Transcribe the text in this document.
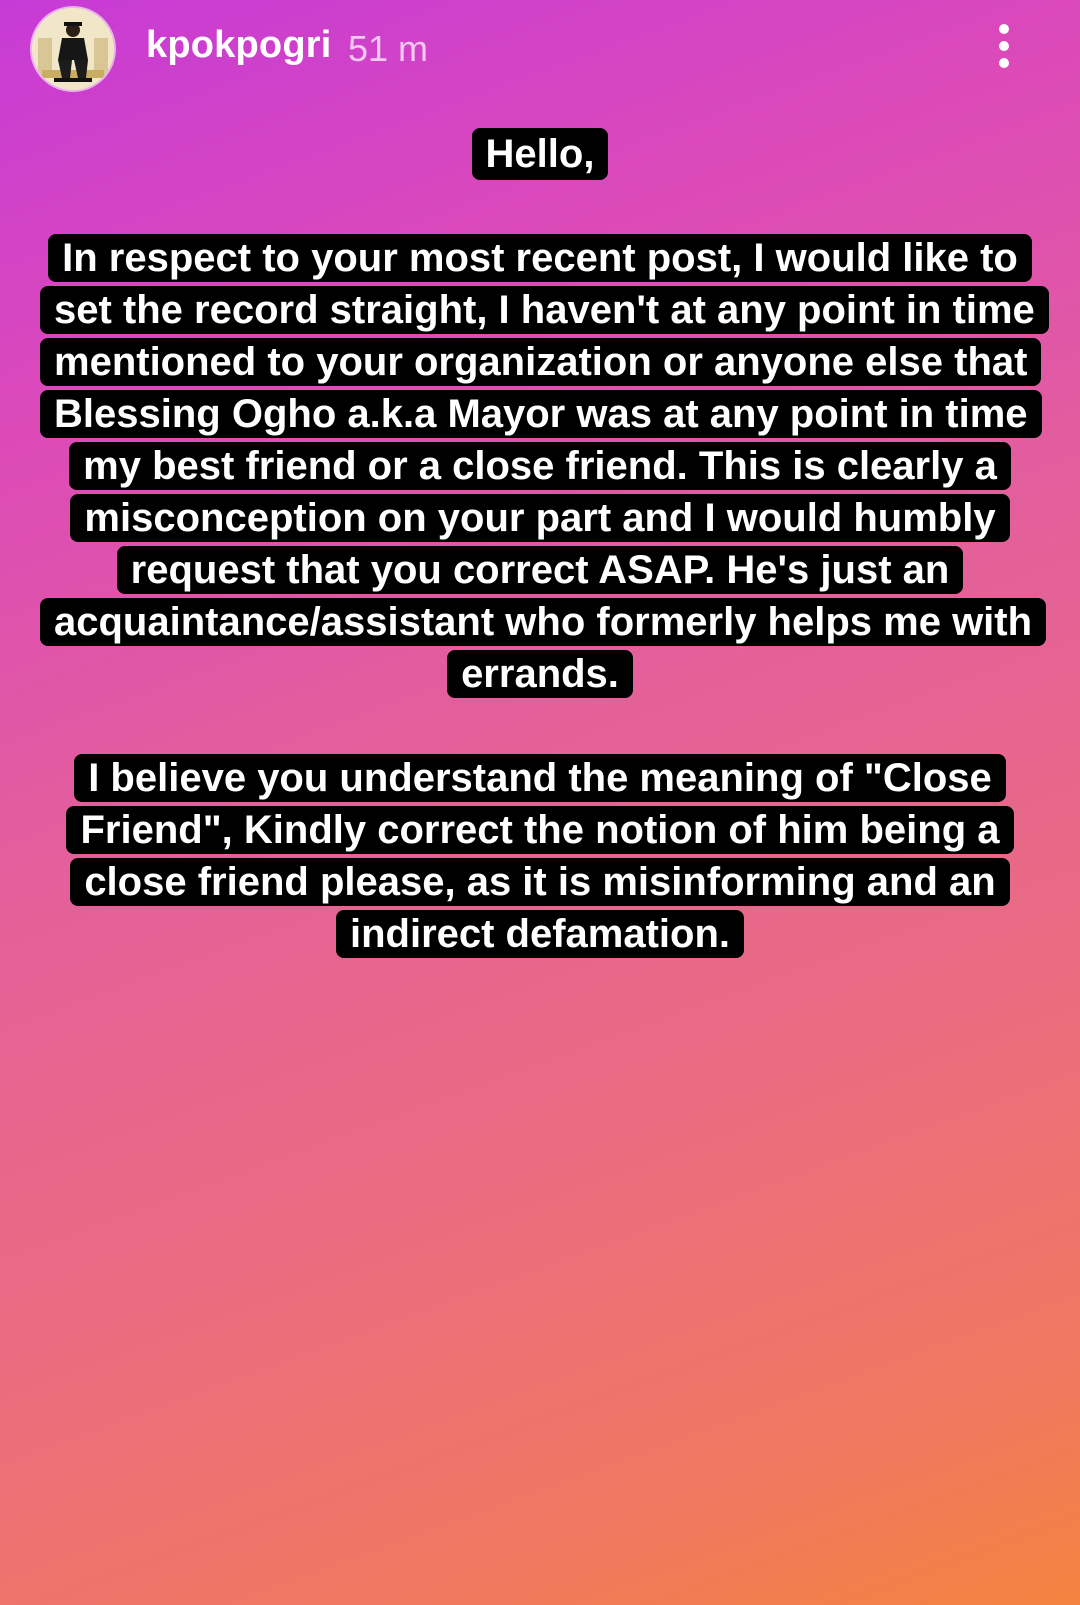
kpokpogri 51 m
Hello,
In respect to your most recent post, I would like to set the record straight, I haven't at any point in time mentioned to your organization or anyone else that Blessing Ogho a.k.a Mayor was at any point in time my best friend or a close friend. This is clearly a misconception on your part and I would humbly request that you correct ASAP. He's just an acquaintance/assistant who formerly helps me with errands.
I believe you understand the meaning of "Close Friend", Kindly correct the notion of him being a close friend please, as it is misinforming and an indirect defamation.
